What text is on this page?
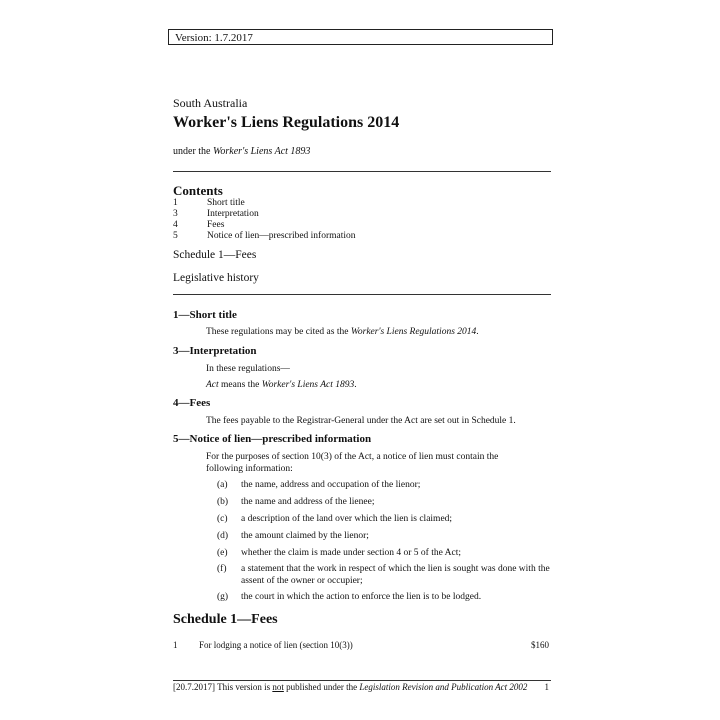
Version: 1.7.2017
South Australia
Worker's Liens Regulations 2014
under the Worker's Liens Act 1893
Contents
1	Short title
3	Interpretation
4	Fees
5	Notice of lien—prescribed information
Schedule 1—Fees
Legislative history
1—Short title
These regulations may be cited as the Worker's Liens Regulations 2014.
3—Interpretation
In these regulations—
Act means the Worker's Liens Act 1893.
4—Fees
The fees payable to the Registrar-General under the Act are set out in Schedule 1.
5—Notice of lien—prescribed information
For the purposes of section 10(3) of the Act, a notice of lien must contain the
following information:
(a) the name, address and occupation of the lienor;
(b) the name and address of the lienee;
(c) a description of the land over which the lien is claimed;
(d) the amount claimed by the lienor;
(e) whether the claim is made under section 4 or 5 of the Act;
(f) a statement that the work in respect of which the lien is sought was done with the assent of the owner or occupier;
(g) the court in which the action to enforce the lien is to be lodged.
Schedule 1—Fees
1 For lodging a notice of lien (section 10(3))	$160
[20.7.2017] This version is not published under the Legislation Revision and Publication Act 2002 1
